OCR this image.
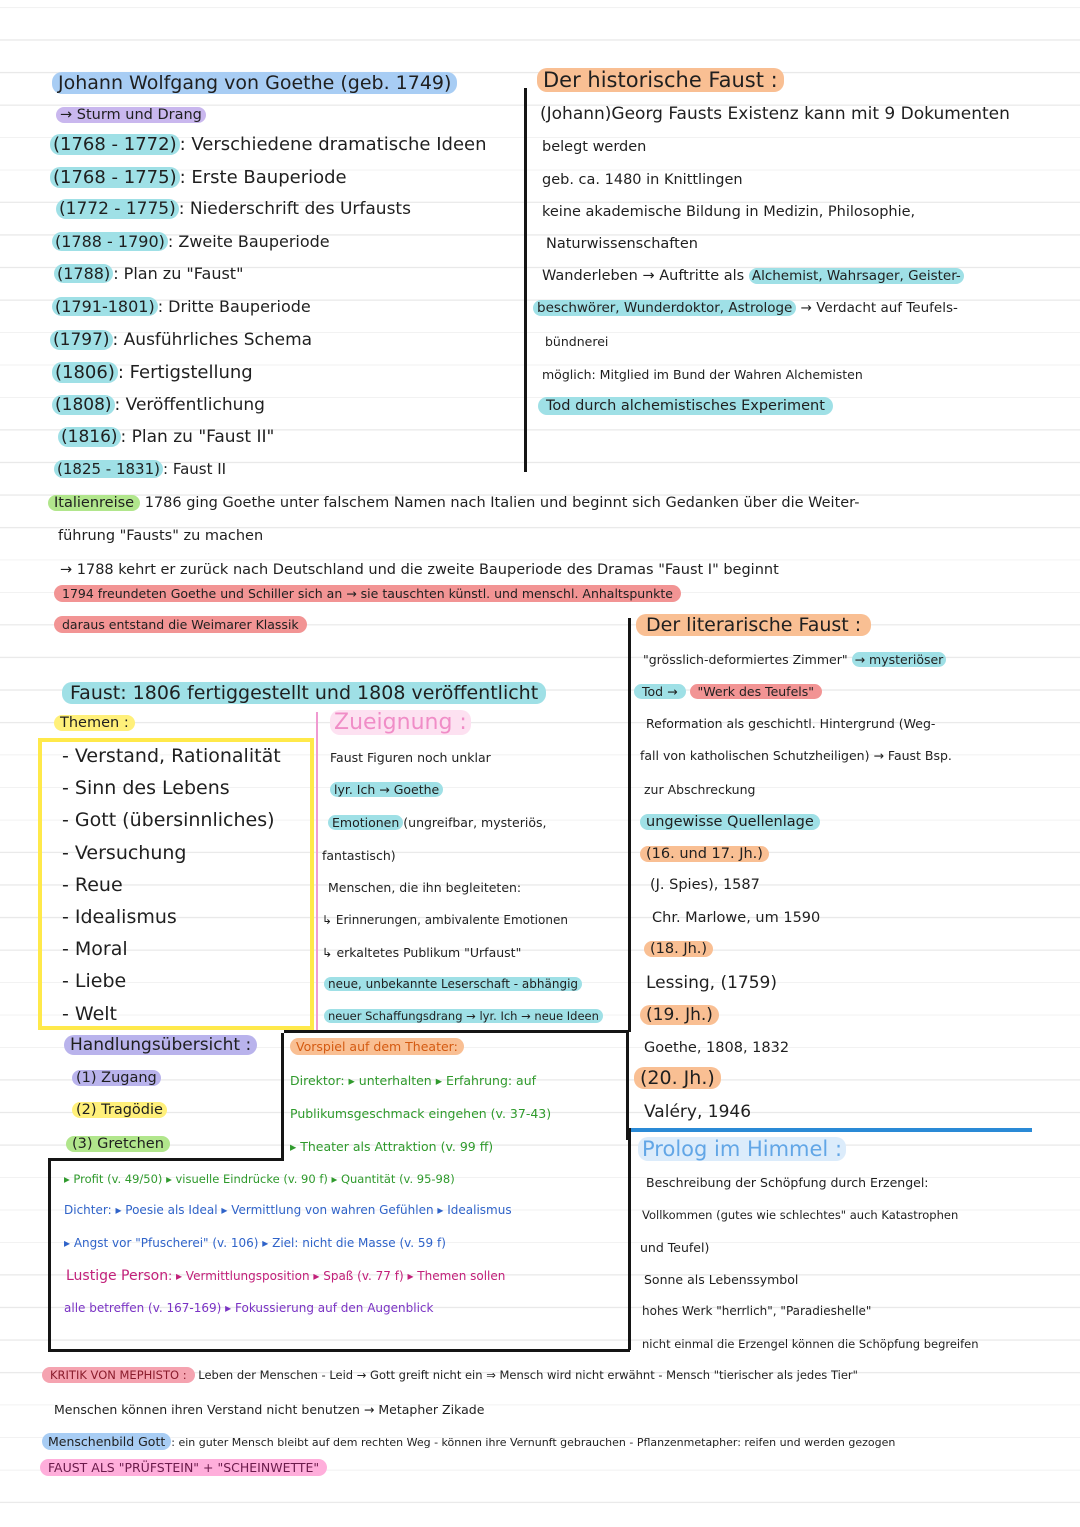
Johann Wolfgang von Goethe (geb. 1749)
→ Sturm und Drang
(1768 - 1772) : Verschiedene dramatische Ideen
(1768 - 1775) : Erste Bauperiode
(1772 - 1775) : Niederschrift des Urfausts
(1788 - 1790) : Zweite Bauperiode
(1788) : Plan zu "Faust"
(1791-1801) : Dritte Bauperiode
(1797) : Ausführliches Schema
(1806) : Fertigstellung
(1808) : Veröffentlichung
(1816) : Plan zu "Faust II"
(1825 - 1831) : Faust II
Der historische Faust :
(Johann)Georg Fausts Existenz kann mit 9 Dokumenten
belegt werden
geb. ca. 1480 in Knittlingen
keine akademische Bildung in Medizin, Philosophie,
Naturwissenschaften
Wanderleben → Auftritte als Alchemist, Wahrsager, Geister-
beschwörer, Wunderdoktor, Astrologe → Verdacht auf Teufels-
bündnerei
möglich: Mitglied im Bund der Wahren Alchemisten
Tod durch alchemistisches Experiment
Italienreise 1786 ging Goethe unter falschem Namen nach Italien und beginnt sich Gedanken über die Weiter-
führung "Fausts" zu machen
→ 1788 kehrt er zurück nach Deutschland und die zweite Bauperiode des Dramas "Faust I" beginnt
1794 freundeten Goethe und Schiller sich an → sie tauschten künstl. und menschl. Anhaltspunkte
daraus entstand die Weimarer Klassik
Faust: 1806 fertiggestellt und 1808 veröffentlicht
Themen :
- Verstand, Rationalität
- Sinn des Lebens
- Gott (übersinnliches)
- Versuchung
- Reue
- Idealismus
- Moral
- Liebe
- Welt
Zueignung :
Faust Figuren noch unklar
lyr. Ich → Goethe
Emotionen (ungreifbar, mysteriös,
fantastisch)
Menschen, die ihn begleiteten:
↳ Erinnerungen, ambivalente Emotionen
↳ erkaltetes Publikum "Urfaust"
neue, unbekannte Leserschaft - abhängig
neuer Schaffungsdrang → lyr. Ich → neue Ideen
Handlungsübersicht :
(1) Zugang
(2) Tragödie
(3) Gretchen
Vorspiel auf dem Theater:
Direktor: ▸ unterhalten ▸ Erfahrung: auf
Publikumsgeschmack eingehen (v. 37-43)
▸ Theater als Attraktion (v. 99 ff)
▸ Profit (v. 49/50) ▸ visuelle Eindrücke (v. 90 f) ▸ Quantität (v. 95-98)
Dichter: ▸ Poesie als Ideal ▸ Vermittlung von wahren Gefühlen ▸ Idealismus
▸ Angst vor "Pfuscherei" (v. 106) ▸ Ziel: nicht die Masse (v. 59 f)
Lustige Person: ▸ Vermittlungsposition ▸ Spaß (v. 77 f) ▸ Themen sollen
alle betreffen (v. 167-169) ▸ Fokussierung auf den Augenblick
Der literarische Faust :
"grösslich-deformiertes Zimmer" → mysteriöser
Tod → "Werk des Teufels"
Reformation als geschichtl. Hintergrund (Weg-
fall von katholischen Schutzheiligen) → Faust Bsp.
zur Abschreckung
ungewisse Quellenlage
(16. und 17. Jh.)
(J. Spies), 1587
Chr. Marlowe, um 1590
(18. Jh.)
Lessing, (1759)
(19. Jh.)
Goethe, 1808, 1832
(20. Jh.)
Valéry, 1946
Prolog im Himmel :
Beschreibung der Schöpfung durch Erzengel:
Vollkommen (gutes wie schlechtes" auch Katastrophen
und Teufel)
Sonne als Lebenssymbol
hohes Werk "herrlich", "Paradieshelle"
nicht einmal die Erzengel können die Schöpfung begreifen
KRITIK VON MEPHISTO : Leben der Menschen - Leid → Gott greift nicht ein ⇒ Mensch wird nicht erwähnt - Mensch "tierischer als jedes Tier"
Menschen können ihren Verstand nicht benutzen → Metapher Zikade
Menschenbild Gott : ein guter Mensch bleibt auf dem rechten Weg - können ihre Vernunft gebrauchen - Pflanzenmetapher: reifen und werden gezogen
FAUST ALS "PRÜFSTEIN" + "SCHEINWETTE"
